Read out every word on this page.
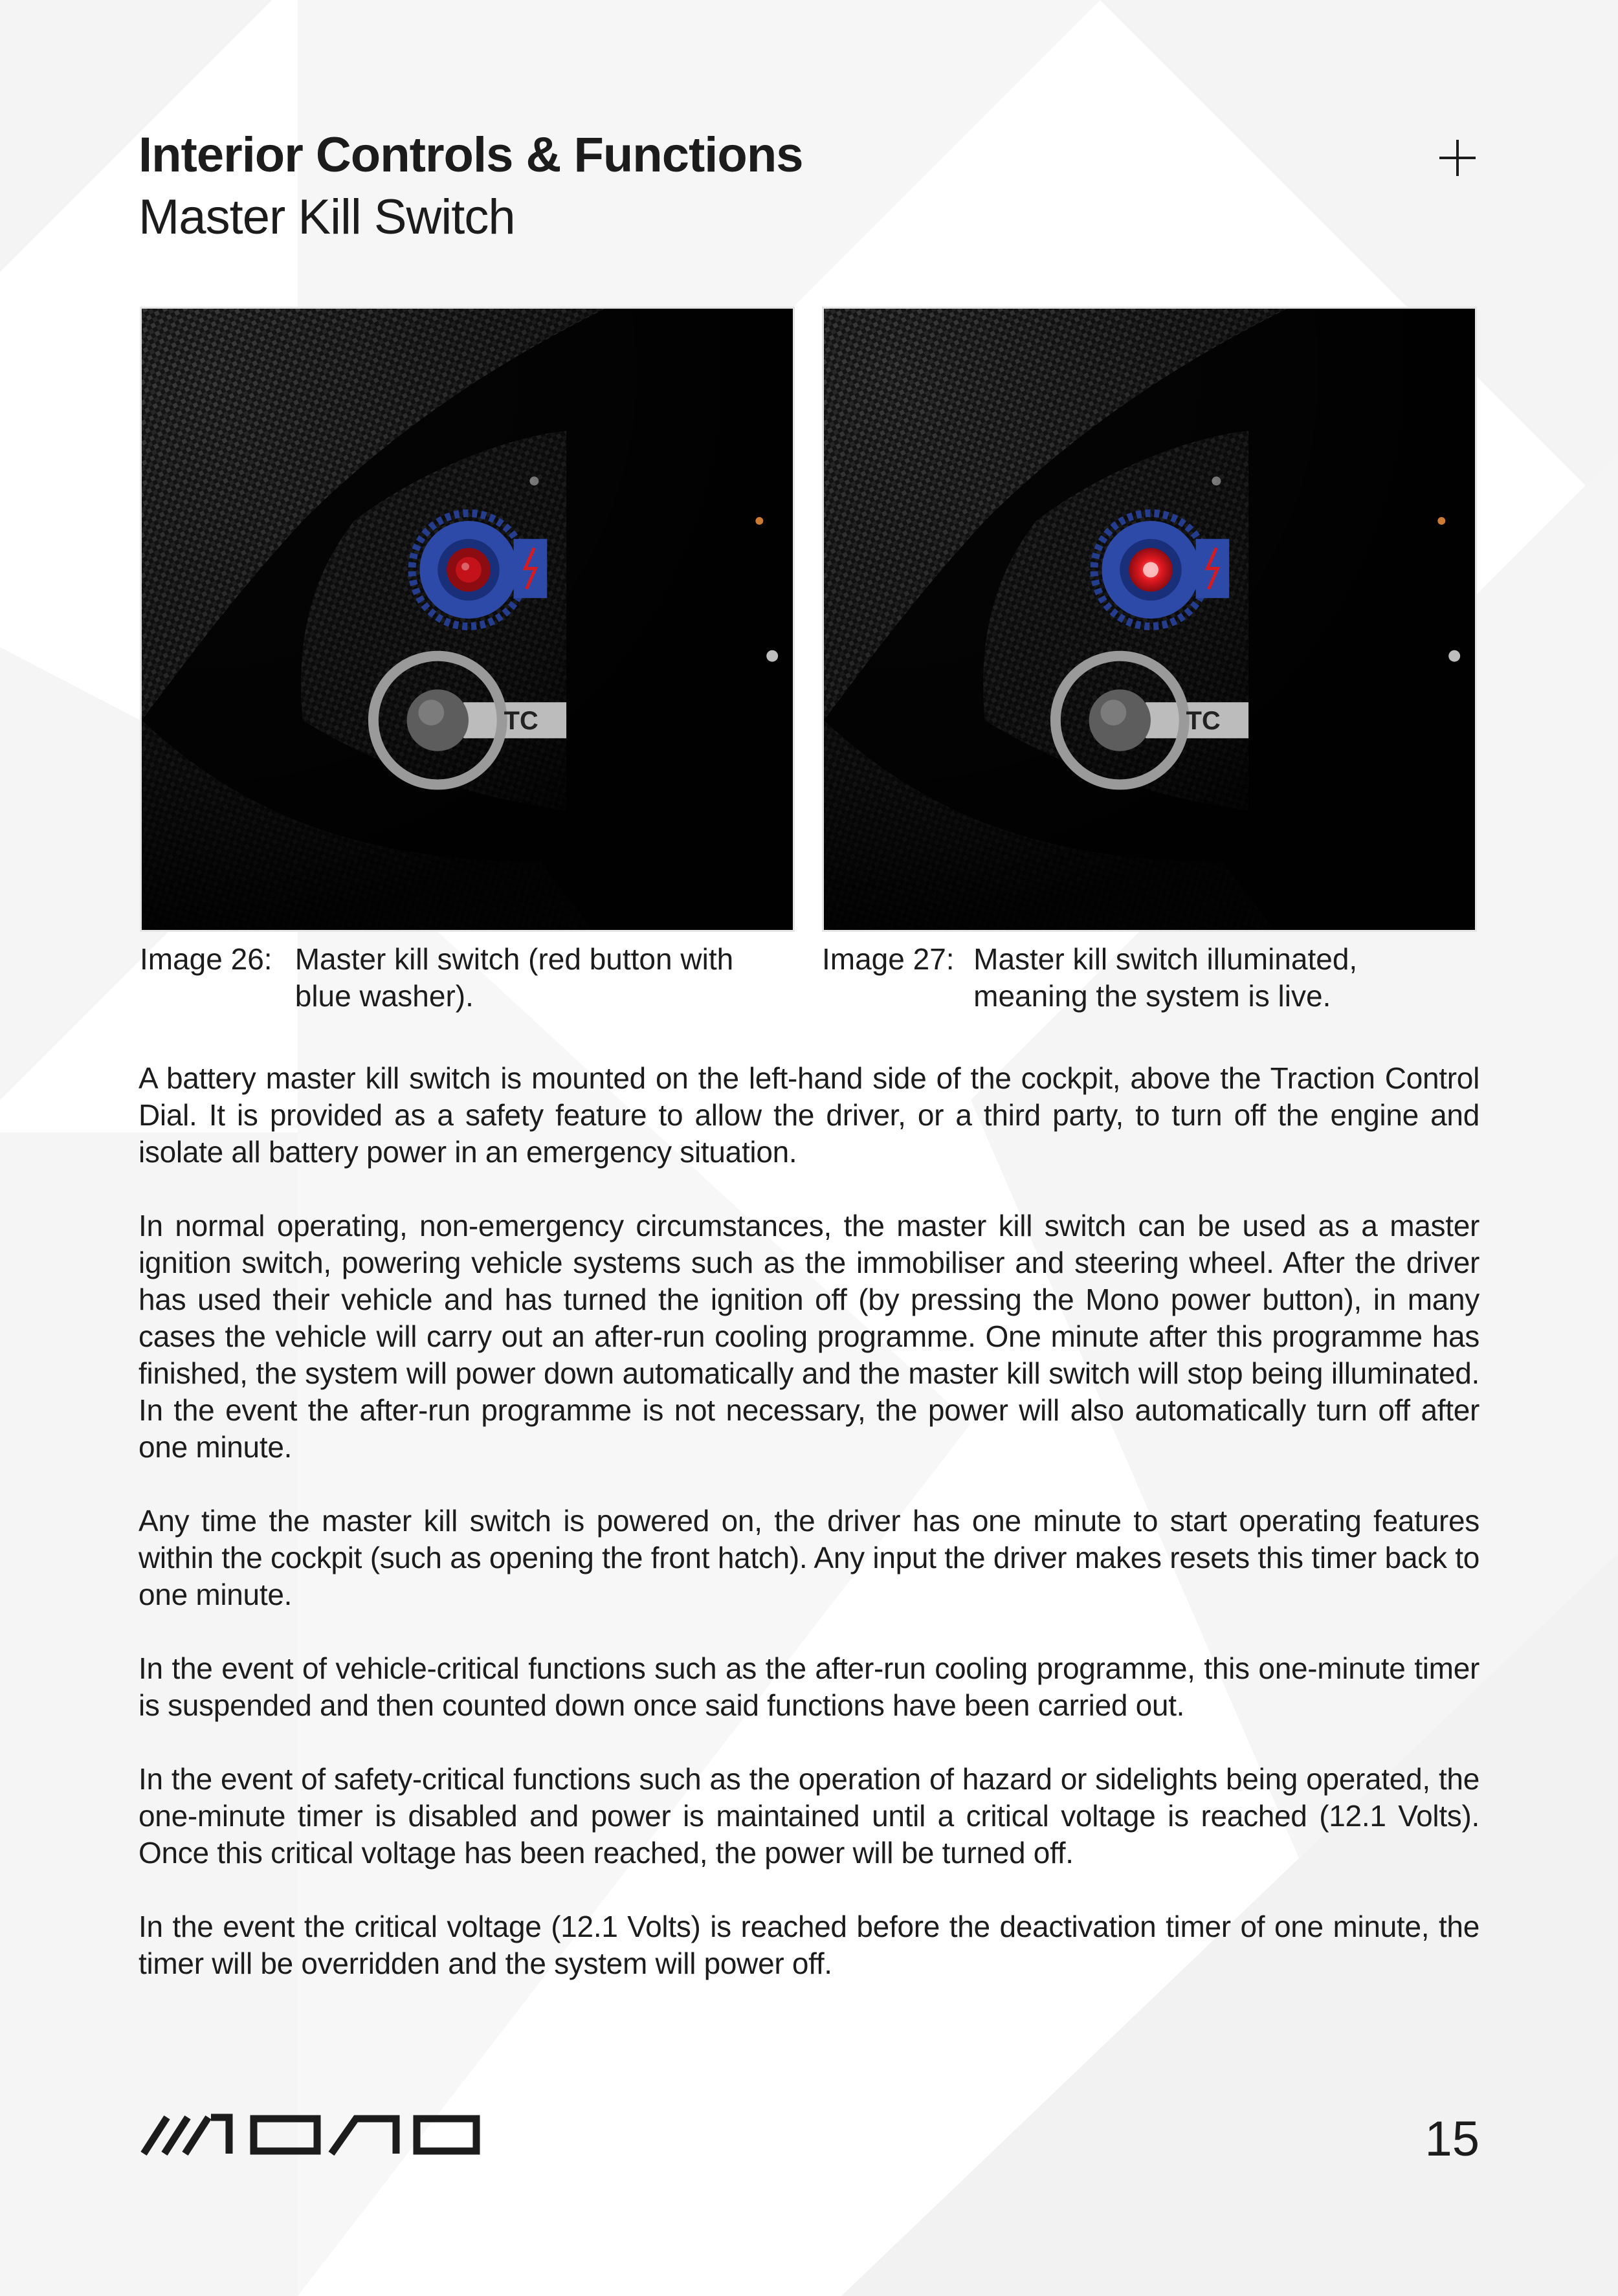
Interior Controls & Functions
Master Kill Switch
TC
Image 26: Master kill switch (red button with blue washer).
TC
Image 27: Master kill switch illuminated, meaning the system is live.

A battery master kill switch is mounted on the left-hand side of the cockpit, above the Traction Control Dial. It is provided as a safety feature to allow the driver, or a third party, to turn off the engine and isolate all battery power in an emergency situation.

In normal operating, non-emergency circumstances, the master kill switch can be used as a master ignition switch, powering vehicle systems such as the immobiliser and steering wheel. After the driver has used their vehicle and has turned the ignition off (by pressing the Mono power button), in many cases the vehicle will carry out an after-run cooling programme. One minute after this programme has finished, the system will power down automatically and the master kill switch will stop being illuminated. In the event the after-run programme is not necessary, the power will also automatically turn off after one minute.

Any time the master kill switch is powered on, the driver has one minute to start operating features within the cockpit (such as opening the front hatch). Any input the driver makes resets this timer back to one minute.

In the event of vehicle-critical functions such as the after-run cooling programme, this one-minute timer is suspended and then counted down once said functions have been carried out.

In the event of safety-critical functions such as the operation of hazard or sidelights being operated, the one-minute timer is disabled and power is maintained until a critical voltage is reached (12.1 Volts). Once this critical voltage has been reached, the power will be turned off.

In the event the critical voltage (12.1 Volts) is reached before the deactivation timer of one minute, the timer will be overridden and the system will power off.

15
